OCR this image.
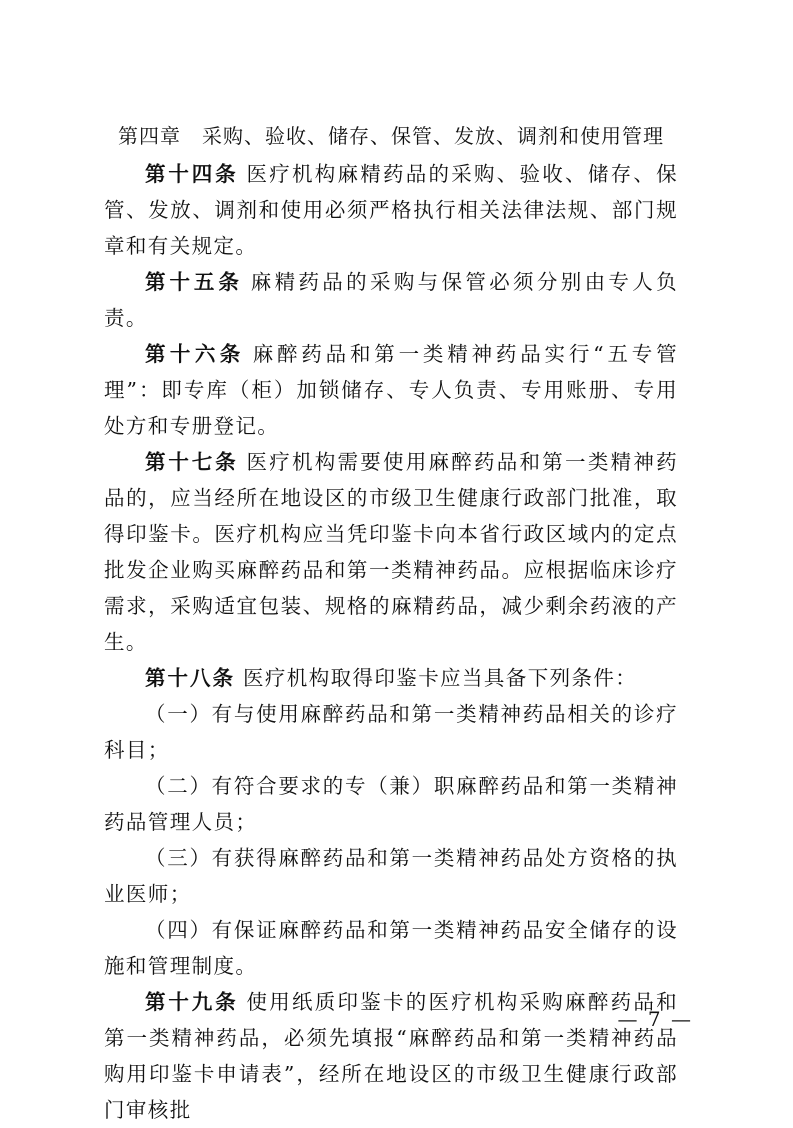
第四章　采购、验收、储存、保管、发放、调剂和使用管理

第十四条 医疗机构麻精药品的采购、验收、储存、保管、发放、调剂和使用必须严格执行相关法律法规、部门规章和有关规定。

第十五条 麻精药品的采购与保管必须分别由专人负责。

第十六条 麻醉药品和第一类精神药品实行“五专管理”：即专库（柜）加锁储存、专人负责、专用账册、专用处方和专册登记。

第十七条 医疗机构需要使用麻醉药品和第一类精神药品的，应当经所在地设区的市级卫生健康行政部门批准，取得印鉴卡。医疗机构应当凭印鉴卡向本省行政区域内的定点批发企业购买麻醉药品和第一类精神药品。应根据临床诊疗需求，采购适宜包装、规格的麻精药品，减少剩余药液的产生。

第十八条 医疗机构取得印鉴卡应当具备下列条件：

（一）有与使用麻醉药品和第一类精神药品相关的诊疗科目；

（二）有符合要求的专（兼）职麻醉药品和第一类精神药品管理人员；

（三）有获得麻醉药品和第一类精神药品处方资格的执业医师；

（四）有保证麻醉药品和第一类精神药品安全储存的设施和管理制度。

第十九条 使用纸质印鉴卡的医疗机构采购麻醉药品和第一类精神药品，必须先填报“麻醉药品和第一类精神药品购用印鉴卡申请表”，经所在地设区的市级卫生健康行政部门审核批

— 7 —
